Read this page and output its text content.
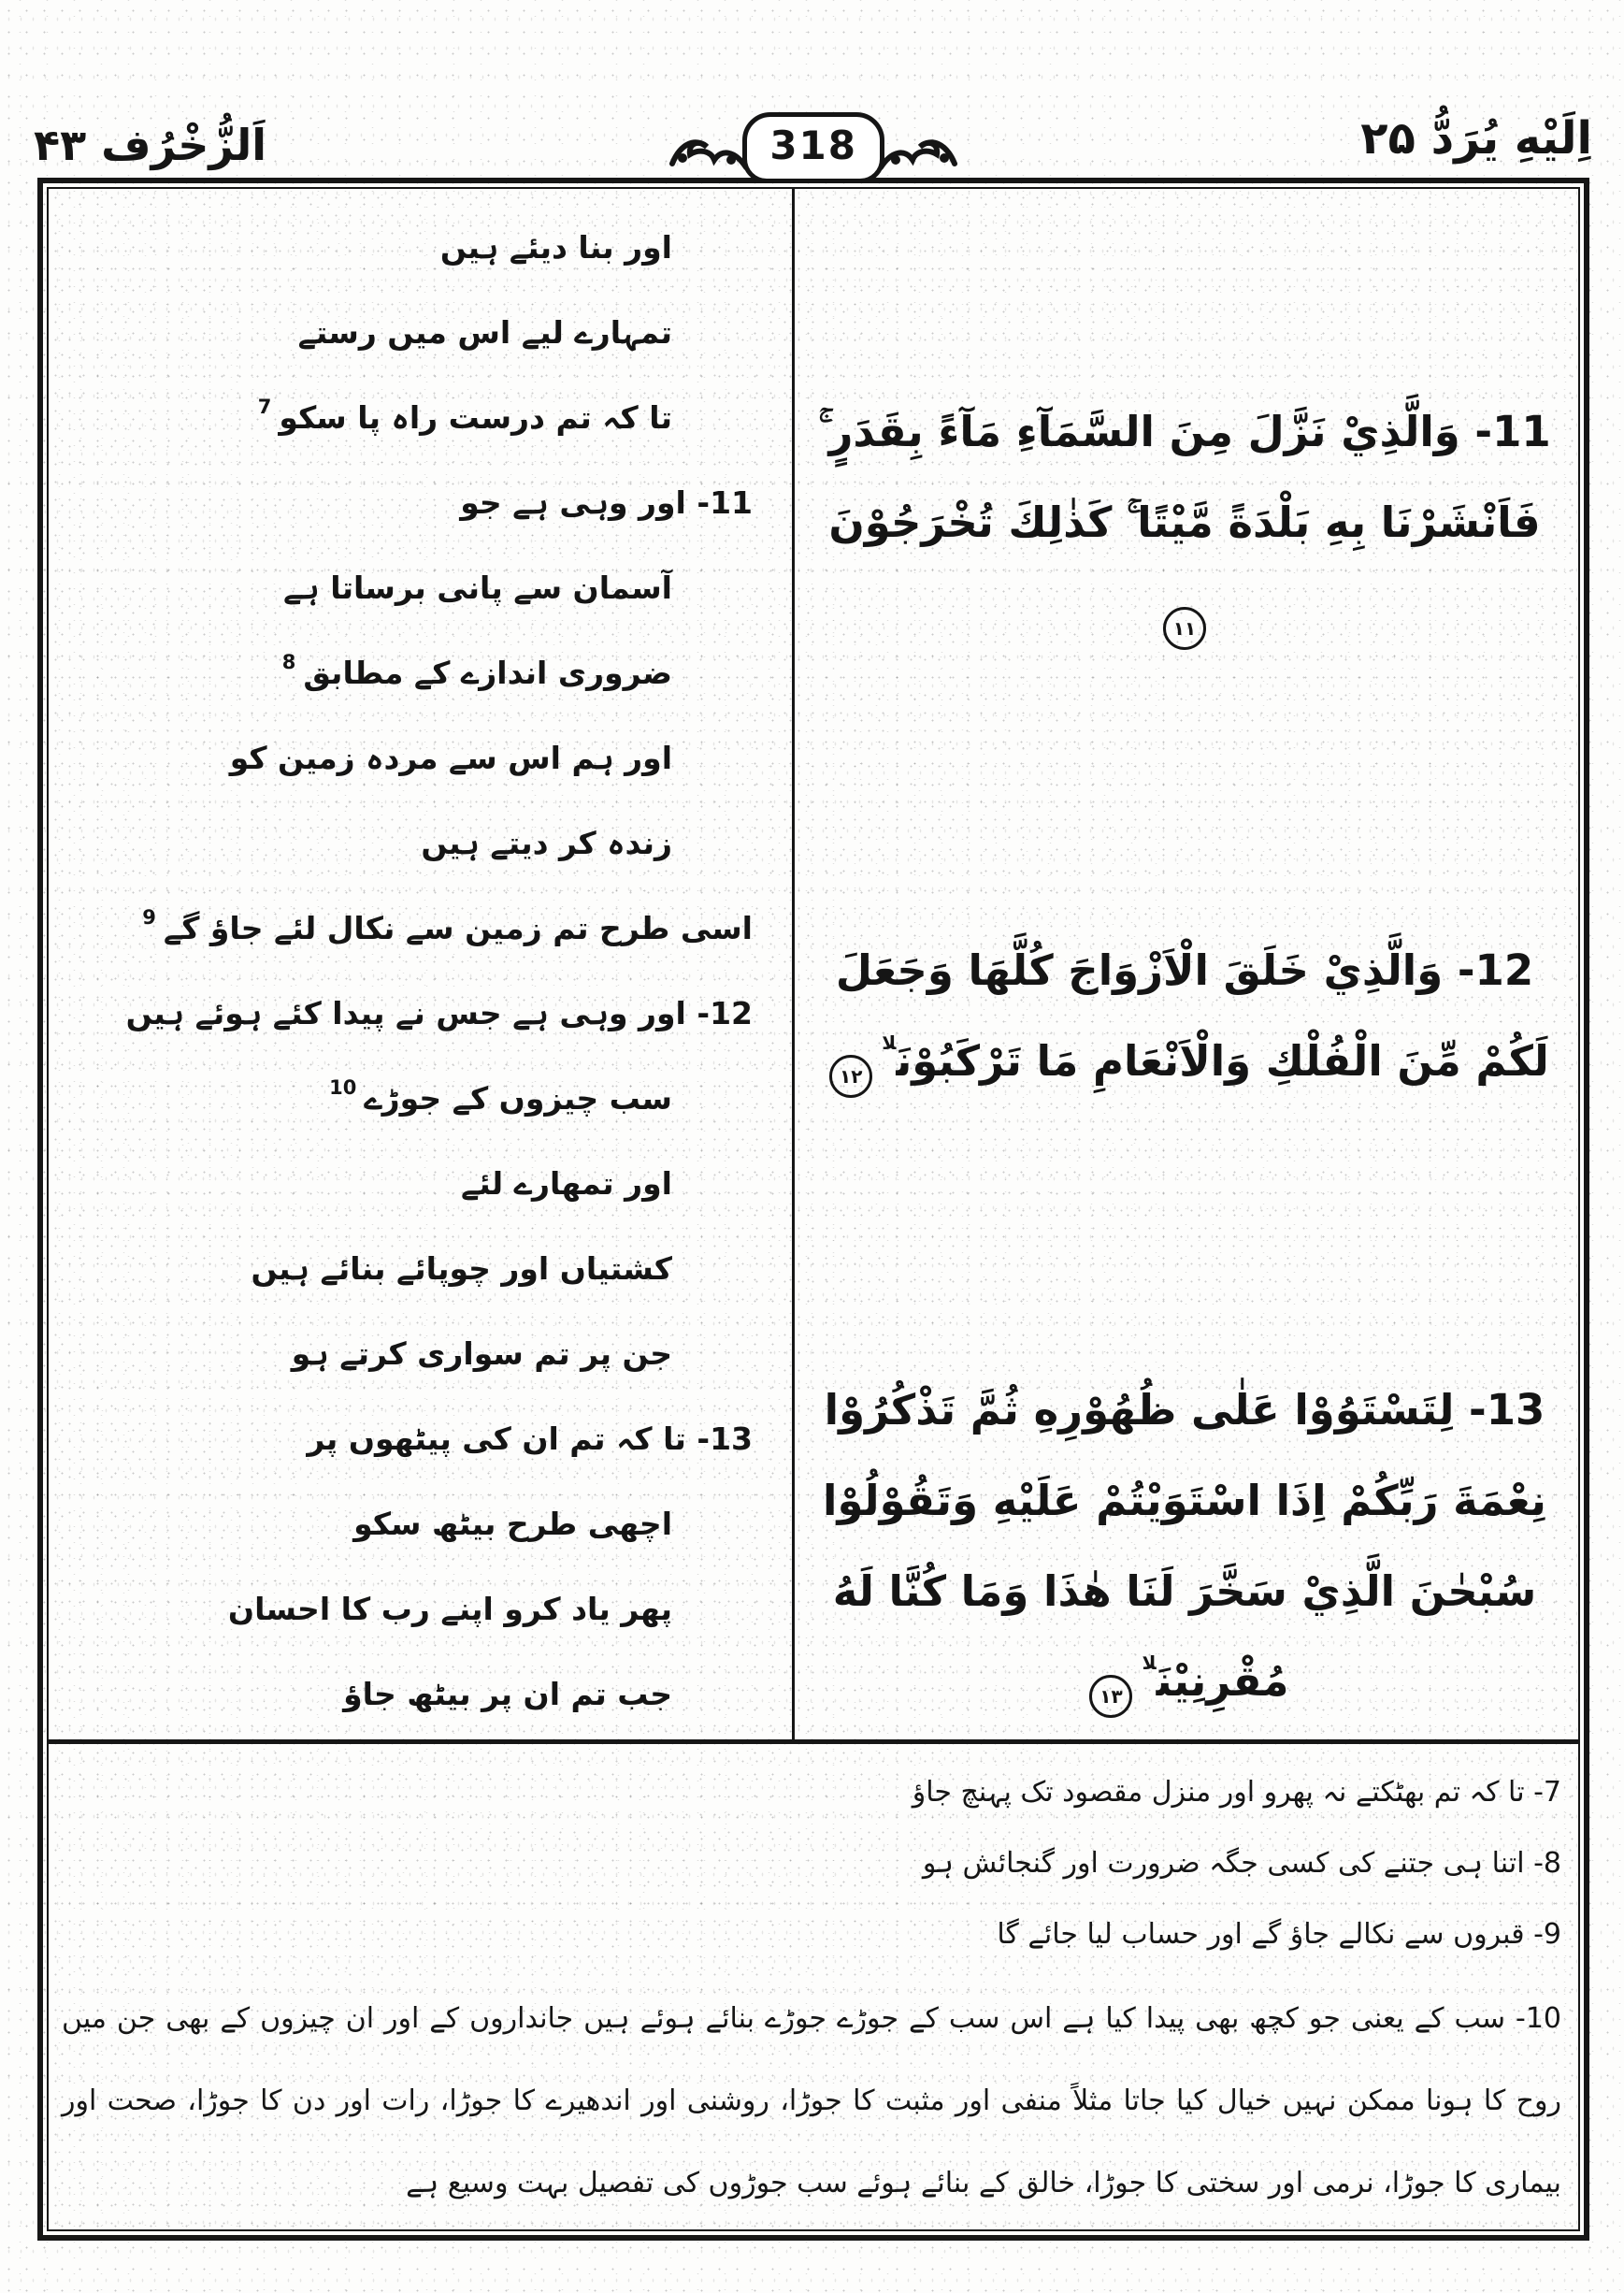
اَلزُّخْرُف ۴۳	318	اِلَیْهِ یُرَدُّ ۲۵
11- وَالَّذِيْ نَزَّلَ مِنَ السَّمَآءِ مَآءً بِقَدَرٍ ۚ فَاَنْشَرْنَا بِهِ بَلْدَةً مَّيْتًا ۚ كَذٰلِكَ تُخْرَجُوْنَ۱۱
12- وَالَّذِيْ خَلَقَ الْاَزْوَاجَ كُلَّهَا وَجَعَلَ لَكُمْ مِّنَ الْفُلْكِ وَالْاَنْعَامِ مَا تَرْكَبُوْنَ$^{لا}$۱۲
13- لِتَسْتَوُوْا عَلٰى ظُهُوْرِهِ ثُمَّ تَذْكُرُوْا نِعْمَةَ رَبِّكُمْ اِذَا اسْتَوَيْتُمْ عَلَيْهِ وَتَقُوْلُوْا سُبْحٰنَ الَّذِيْ سَخَّرَ لَنَا هٰذَا وَمَا كُنَّا لَهُ مُقْرِنِيْنَ$^{لا}$۱۳
اور بنا دیئے ہیں
تمہارے لیے اس میں رستے
تا کہ تم درست راہ پا سکو$^7$
11- اور وہی ہے جو
آسمان سے پانی برساتا ہے
ضروری اندازے کے مطابق$^8$
اور ہم اس سے مردہ زمین کو
زندہ کر دیتے ہیں
اسی طرح تم زمین سے نکال لئے جاؤ گے$^9$
12- اور وہی ہے جس نے پیدا کئے ہوئے ہیں
سب چیزوں کے جوڑے$^{10}$
اور تمھارے لئے
کشتیاں اور چوپائے بنائے ہیں
جن پر تم سواری کرتے ہو
13- تا کہ تم ان کی پیٹھوں پر
اچھی طرح بیٹھ سکو
پھر یاد کرو اپنے رب کا احسان
جب تم ان پر بیٹھ جاؤ
7- تا کہ تم بھٹکتے نہ پھرو اور منزل مقصود تک پہنچ جاؤ
8- اتنا ہی جتنے کی کسی جگہ ضرورت اور گنجائش ہو
9- قبروں سے نکالے جاؤ گے اور حساب لیا جائے گا
10- سب کے یعنی جو کچھ بھی پیدا کیا ہے اس سب کے جوڑے جوڑے بنائے ہوئے ہیں جانداروں کے اور ان چیزوں کے بھی جن میں روح کا ہونا ممکن نہیں خیال کیا جاتا مثلاً منفی اور مثبت کا جوڑا، روشنی اور اندھیرے کا جوڑا، رات اور دن کا جوڑا، صحت اور بیماری کا جوڑا، نرمی اور سختی کا جوڑا، خالق کے بنائے ہوئے سب جوڑوں کی تفصیل بہت وسیع ہے
